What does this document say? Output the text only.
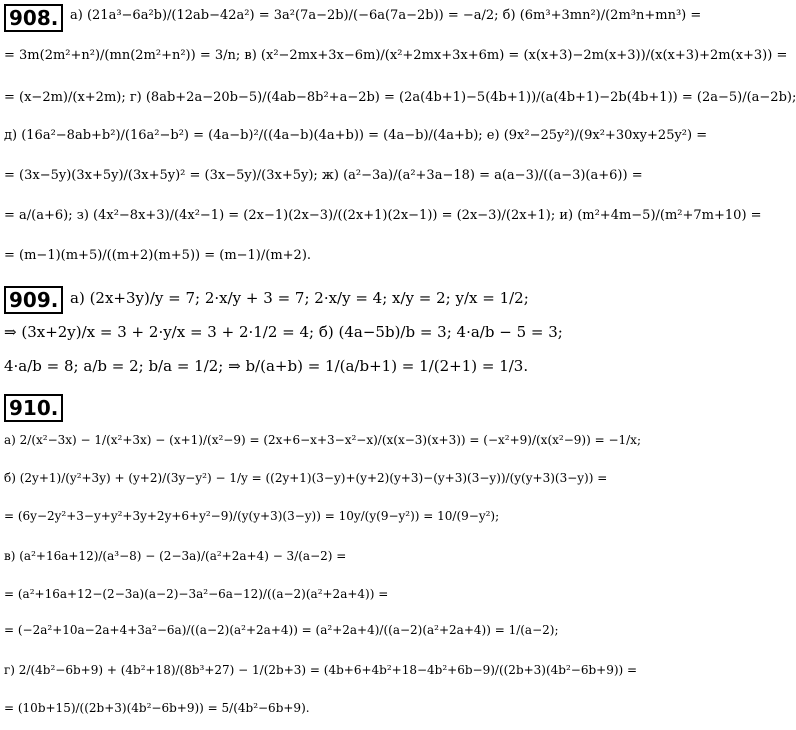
908. а) (21a³−6a²b)/(12ab−42a²) = 3a²(7a−2b)/(−6a(7a−2b)) = −a/2; б) (6m³+3mn²)/(2m³n+mn³) =
= 3m(2m²+n²)/(mn(2m²+n²)) = 3/n; в) (x²−2mx+3x−6m)/(x²+2mx+3x+6m) = (x(x+3)−2m(x+3))/(x(x+3)+2m(x+3)) =
= (x−2m)/(x+2m); г) (8ab+2a−20b−5)/(4ab−8b²+a−2b) = (2a(4b+1)−5(4b+1))/(a(4b+1)−2b(4b+1)) = (2a−5)/(a−2b);
д) (16a²−8ab+b²)/(16a²−b²) = (4a−b)²/((4a−b)(4a+b)) = (4a−b)/(4a+b); е) (9x²−25y²)/(9x²+30xy+25y²) =
= (3x−5y)(3x+5y)/(3x+5y)² = (3x−5y)/(3x+5y); ж) (a²−3a)/(a²+3a−18) = a(a−3)/((a−3)(a+6)) =
= a/(a+6); з) (4x²−8x+3)/(4x²−1) = (2x−1)(2x−3)/((2x+1)(2x−1)) = (2x−3)/(2x+1); и) (m²+4m−5)/(m²+7m+10) =
= (m−1)(m+5)/((m+2)(m+5)) = (m−1)/(m+2).
909. а) (2x+3y)/y = 7; 2·x/y + 3 = 7; 2·x/y = 4; x/y = 2; y/x = 1/2;
⇒ (3x+2y)/x = 3 + 2·y/x = 3 + 2·1/2 = 4; б) (4a−5b)/b = 3; 4·a/b − 5 = 3;
4·a/b = 8; a/b = 2; b/a = 1/2; ⇒ b/(a+b) = 1/(a/b+1) = 1/(2+1) = 1/3.
910.
а) 2/(x²−3x) − 1/(x²+3x) − (x+1)/(x²−9) = (2x+6−x+3−x²−x)/(x(x−3)(x+3)) = (−x²+9)/(x(x²−9)) = −1/x;
б) (2y+1)/(y²+3y) + (y+2)/(3y−y²) − 1/y = ((2y+1)(3−y)+(y+2)(y+3)−(y+3)(3−y))/(y(y+3)(3−y)) =
= (6y−2y²+3−y+y²+3y+2y+6+y²−9)/(y(y+3)(3−y)) = 10y/(y(9−y²)) = 10/(9−y²);
в) (a²+16a+12)/(a³−8) − (2−3a)/(a²+2a+4) − 3/(a−2) =
= (a²+16a+12−(2−3a)(a−2)−3a²−6a−12)/((a−2)(a²+2a+4)) =
= (−2a²+10a−2a+4+3a²−6a)/((a−2)(a²+2a+4)) = (a²+2a+4)/((a−2)(a²+2a+4)) = 1/(a−2);
г) 2/(4b²−6b+9) + (4b²+18)/(8b³+27) − 1/(2b+3) = (4b+6+4b²+18−4b²+6b−9)/((2b+3)(4b²−6b+9)) =
= (10b+15)/((2b+3)(4b²−6b+9)) = 5/(4b²−6b+9).
